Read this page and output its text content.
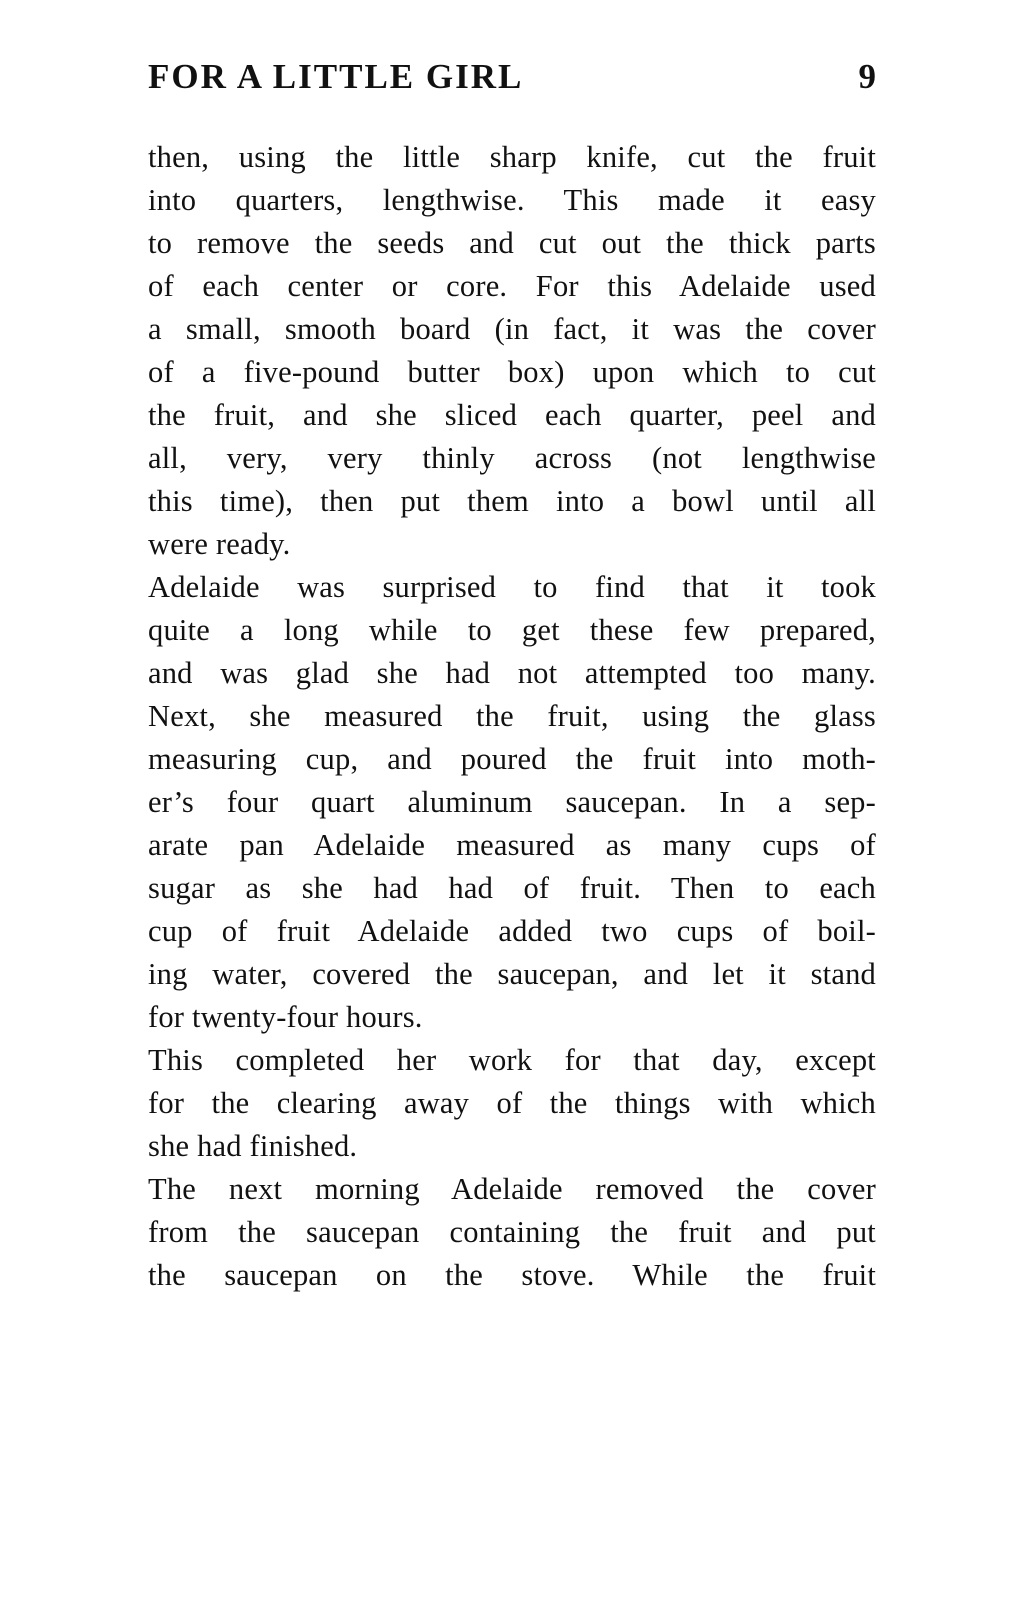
FOR A LITTLE GIRL	9
then, using the little sharp knife, cut the fruit
into quarters, lengthwise. This made it easy
to remove the seeds and cut out the thick parts
of each center or core. For this Adelaide used
a small, smooth board (in fact, it was the cover
of a five-pound butter box) upon which to cut
the fruit, and she sliced each quarter, peel and
all, very, very thinly across (not lengthwise
this time), then put them into a bowl until all
were ready.
Adelaide was surprised to find that it took
quite a long while to get these few prepared,
and was glad she had not attempted too many.
Next, she measured the fruit, using the glass
measuring cup, and poured the fruit into moth-
er’s four quart aluminum saucepan. In a sep-
arate pan Adelaide measured as many cups of
sugar as she had had of fruit. Then to each
cup of fruit Adelaide added two cups of boil-
ing water, covered the saucepan, and let it stand
for twenty-four hours.
This completed her work for that day, except
for the clearing away of the things with which
she had finished.
The next morning Adelaide removed the cover
from the saucepan containing the fruit and put
the saucepan on the stove. While the fruit
